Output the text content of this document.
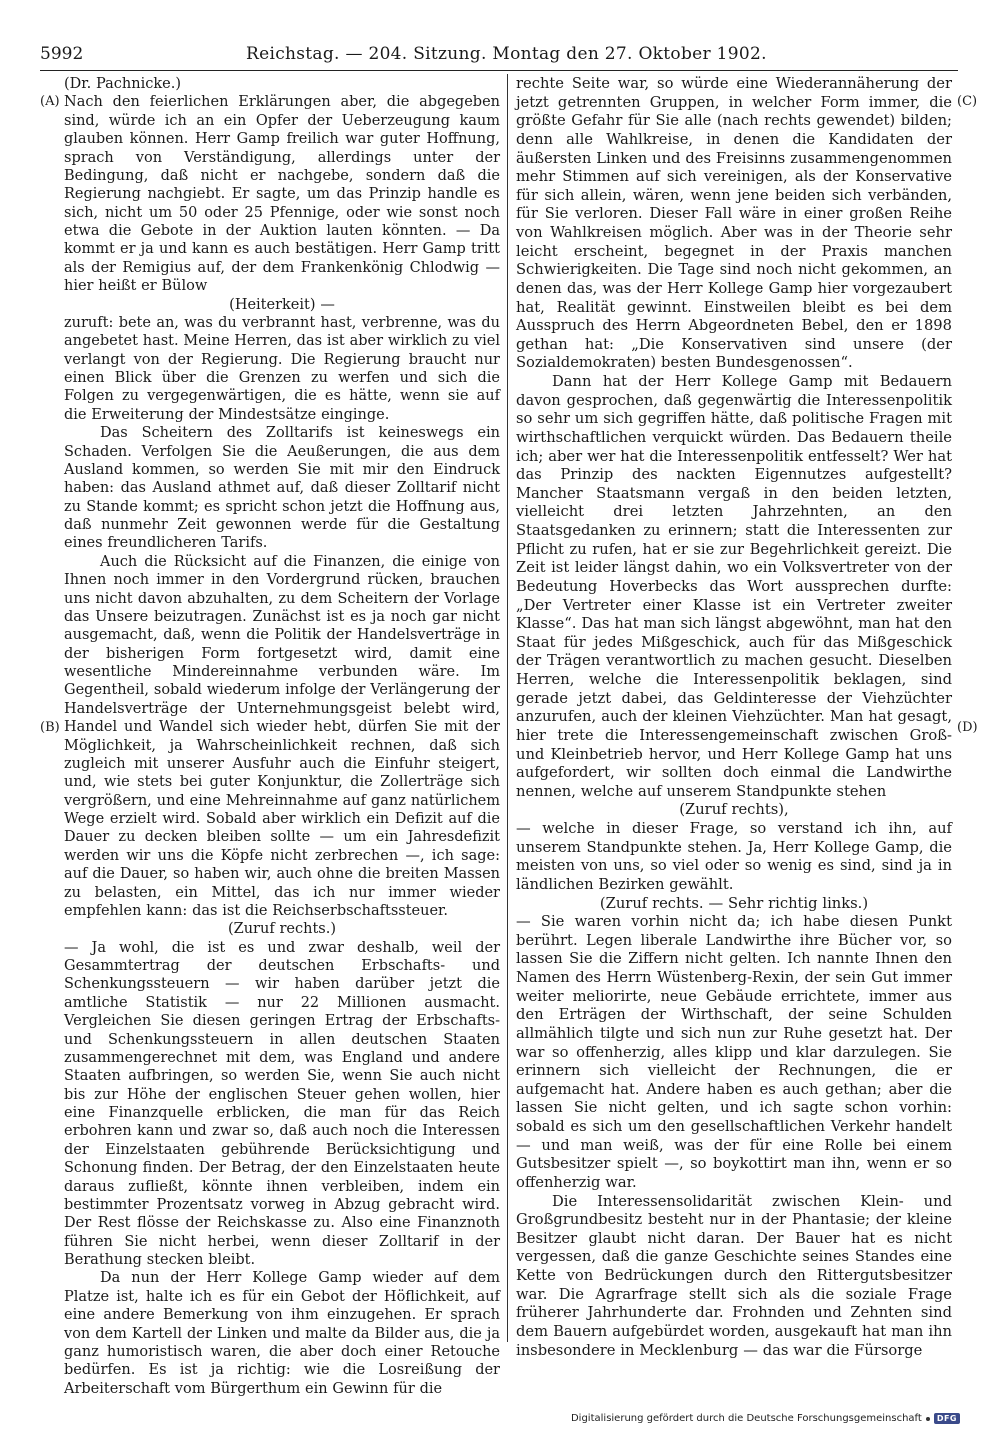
5992	Reichstag. — 204. Sitzung. Montag den 27. Oktober 1902.
(A)
(B)
(C)
(D)

(Dr. Pachnicke.)

Nach den feierlichen Erklärungen aber, die abgegeben sind, würde ich an ein Opfer der Ueberzeugung kaum glauben können. Herr Gamp freilich war guter Hoffnung, sprach von Verständigung, allerdings unter der Bedingung, daß nicht er nachgebe, sondern daß die Regierung nachgiebt. Er sagte, um das Prinzip handle es sich, nicht um 50 oder 25 Pfennige, oder wie sonst noch etwa die Gebote in der Auktion lauten könnten. — Da kommt er ja und kann es auch bestätigen. Herr Gamp tritt als der Remigius auf, der dem Frankenkönig Chlodwig — hier heißt er Bülow

(Heiterkeit) —

zuruft: bete an, was du verbrannt hast, verbrenne, was du angebetet hast. Meine Herren, das ist aber wirklich zu viel verlangt von der Regierung. Die Regierung braucht nur einen Blick über die Grenzen zu werfen und sich die Folgen zu vergegenwärtigen, die es hätte, wenn sie auf die Erweiterung der Mindestsätze einginge.

Das Scheitern des Zolltarifs ist keineswegs ein Schaden. Verfolgen Sie die Aeußerungen, die aus dem Ausland kommen, so werden Sie mit mir den Eindruck haben: das Ausland athmet auf, daß dieser Zolltarif nicht zu Stande kommt; es spricht schon jetzt die Hoffnung aus, daß nunmehr Zeit gewonnen werde für die Gestaltung eines freundlicheren Tarifs.

Auch die Rücksicht auf die Finanzen, die einige von Ihnen noch immer in den Vordergrund rücken, brauchen uns nicht davon abzuhalten, zu dem Scheitern der Vorlage das Unsere beizutragen. Zunächst ist es ja noch gar nicht ausgemacht, daß, wenn die Politik der Handelsverträge in der bisherigen Form fortgesetzt wird, damit eine wesentliche Mindereinnahme verbunden wäre. Im Gegentheil, sobald wiederum infolge der Verlängerung der Handelsverträge der Unternehmungsgeist belebt wird, Handel und Wandel sich wieder hebt, dürfen Sie mit der Möglichkeit, ja Wahrscheinlichkeit rechnen, daß sich zugleich mit unserer Ausfuhr auch die Einfuhr steigert, und, wie stets bei guter Konjunktur, die Zollerträge sich vergrößern, und eine Mehreinnahme auf ganz natürlichem Wege erzielt wird. Sobald aber wirklich ein Defizit auf die Dauer zu decken bleiben sollte — um ein Jahresdefizit werden wir uns die Köpfe nicht zerbrechen —, ich sage: auf die Dauer, so haben wir, auch ohne die breiten Massen zu belasten, ein Mittel, das ich nur immer wieder empfehlen kann: das ist die Reichserbschaftssteuer.

(Zuruf rechts.)

— Ja wohl, die ist es und zwar deshalb, weil der Gesammtertrag der deutschen Erbschafts- und Schenkungssteuern — wir haben darüber jetzt die amtliche Statistik — nur 22 Millionen ausmacht. Vergleichen Sie diesen geringen Ertrag der Erbschafts- und Schenkungssteuern in allen deutschen Staaten zusammengerechnet mit dem, was England und andere Staaten aufbringen, so werden Sie, wenn Sie auch nicht bis zur Höhe der englischen Steuer gehen wollen, hier eine Finanzquelle erblicken, die man für das Reich erbohren kann und zwar so, daß auch noch die Interessen der Einzelstaaten gebührende Berücksichtigung und Schonung finden. Der Betrag, der den Einzelstaaten heute daraus zufließt, könnte ihnen verbleiben, indem ein bestimmter Prozentsatz vorweg in Abzug gebracht wird. Der Rest flösse der Reichskasse zu. Also eine Finanznoth führen Sie nicht herbei, wenn dieser Zolltarif in der Berathung stecken bleibt.

Da nun der Herr Kollege Gamp wieder auf dem Platze ist, halte ich es für ein Gebot der Höflichkeit, auf eine andere Bemerkung von ihm einzugehen. Er sprach von dem Kartell der Linken und malte da Bilder aus, die ja ganz humoristisch waren, die aber doch einer Retouche bedürfen. Es ist ja richtig: wie die Losreißung der Arbeiterschaft vom Bürgerthum ein Gewinn für die

rechte Seite war, so würde eine Wiederannäherung der jetzt getrennten Gruppen, in welcher Form immer, die größte Gefahr für Sie alle (nach rechts gewendet) bilden; denn alle Wahlkreise, in denen die Kandidaten der äußersten Linken und des Freisinns zusammengenommen mehr Stimmen auf sich vereinigen, als der Konservative für sich allein, wären, wenn jene beiden sich verbänden, für Sie verloren. Dieser Fall wäre in einer großen Reihe von Wahlkreisen möglich. Aber was in der Theorie sehr leicht erscheint, begegnet in der Praxis manchen Schwierigkeiten. Die Tage sind noch nicht gekommen, an denen das, was der Herr Kollege Gamp hier vorgezaubert hat, Realität gewinnt. Einstweilen bleibt es bei dem Ausspruch des Herrn Abgeordneten Bebel, den er 1898 gethan hat: „Die Konservativen sind unsere (der Sozialdemokraten) besten Bundesgenossen“.

Dann hat der Herr Kollege Gamp mit Bedauern davon gesprochen, daß gegenwärtig die Interessenpolitik so sehr um sich gegriffen hätte, daß politische Fragen mit wirthschaftlichen verquickt würden. Das Bedauern theile ich; aber wer hat die Interessenpolitik entfesselt? Wer hat das Prinzip des nackten Eigennutzes aufgestellt? Mancher Staatsmann vergaß in den beiden letzten, vielleicht drei letzten Jahrzehnten, an den Staatsgedanken zu erinnern; statt die Interessenten zur Pflicht zu rufen, hat er sie zur Begehrlichkeit gereizt. Die Zeit ist leider längst dahin, wo ein Volksvertreter von der Bedeutung Hoverbecks das Wort aussprechen durfte: „Der Vertreter einer Klasse ist ein Vertreter zweiter Klasse“. Das hat man sich längst abgewöhnt, man hat den Staat für jedes Mißgeschick, auch für das Mißgeschick der Trägen verantwortlich zu machen gesucht. Dieselben Herren, welche die Interessenpolitik beklagen, sind gerade jetzt dabei, das Geldinteresse der Viehzüchter anzurufen, auch der kleinen Viehzüchter. Man hat gesagt, hier trete die Interessengemeinschaft zwischen Groß- und Kleinbetrieb hervor, und Herr Kollege Gamp hat uns aufgefordert, wir sollten doch einmal die Landwirthe nennen, welche auf unserem Standpunkte stehen

(Zuruf rechts),

— welche in dieser Frage, so verstand ich ihn, auf unserem Standpunkte stehen. Ja, Herr Kollege Gamp, die meisten von uns, so viel oder so wenig es sind, sind ja in ländlichen Bezirken gewählt.

(Zuruf rechts. — Sehr richtig links.)

— Sie waren vorhin nicht da; ich habe diesen Punkt berührt. Legen liberale Landwirthe ihre Bücher vor, so lassen Sie die Ziffern nicht gelten. Ich nannte Ihnen den Namen des Herrn Wüstenberg-Rexin, der sein Gut immer weiter meliorirte, neue Gebäude errichtete, immer aus den Erträgen der Wirthschaft, der seine Schulden allmählich tilgte und sich nun zur Ruhe gesetzt hat. Der war so offenherzig, alles klipp und klar darzulegen. Sie erinnern sich vielleicht der Rechnungen, die er aufgemacht hat. Andere haben es auch gethan; aber die lassen Sie nicht gelten, und ich sagte schon vorhin: sobald es sich um den gesellschaftlichen Verkehr handelt — und man weiß, was der für eine Rolle bei einem Gutsbesitzer spielt —, so boykottirt man ihn, wenn er so offenherzig war.

Die Interessensolidarität zwischen Klein- und Großgrundbesitz besteht nur in der Phantasie; der kleine Besitzer glaubt nicht daran. Der Bauer hat es nicht vergessen, daß die ganze Geschichte seines Standes eine Kette von Bedrückungen durch den Rittergutsbesitzer war. Die Agrarfrage stellt sich als die soziale Frage früherer Jahrhunderte dar. Frohnden und Zehnten sind dem Bauern aufgebürdet worden, ausgekauft hat man ihn insbesondere in Mecklenburg — das war die Fürsorge

Digitalisierung gefördert durch die Deutsche Forschungsgemeinschaft	DFG
